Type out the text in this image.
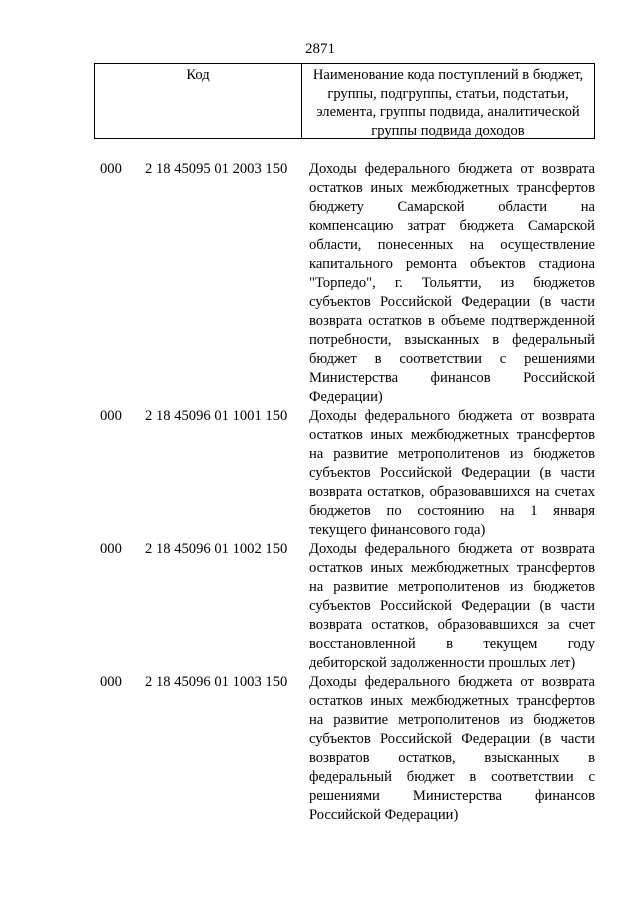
2871
Код	Наименование кода поступлений в бюджет,
группы, подгруппы, статьи, подстатьи,
элемента, группы подвида, аналитической
группы подвида доходов
000	2 18 45095 01 2003 150	Доходы федерального бюджета от возврата
остатков иных межбюджетных трансфертов
бюджету Самарской области на
компенсацию затрат бюджета Самарской
области, понесенных на осуществление
капитального ремонта объектов стадиона
"Торпедо", г. Тольятти, из бюджетов
субъектов Российской Федерации (в части
возврата остатков в объеме подтвержденной
потребности, взысканных в федеральный
бюджет в соответствии с решениями
Министерства финансов Российской
Федерации)
000	2 18 45096 01 1001 150	Доходы федерального бюджета от возврата
остатков иных межбюджетных трансфертов
на развитие метрополитенов из бюджетов
субъектов Российской Федерации (в части
возврата остатков, образовавшихся на счетах
бюджетов по состоянию на 1 января
текущего финансового года)
000	2 18 45096 01 1002 150	Доходы федерального бюджета от возврата
остатков иных межбюджетных трансфертов
на развитие метрополитенов из бюджетов
субъектов Российской Федерации (в части
возврата остатков, образовавшихся за счет
восстановленной в текущем году
дебиторской задолженности прошлых лет)
000	2 18 45096 01 1003 150	Доходы федерального бюджета от возврата
остатков иных межбюджетных трансфертов
на развитие метрополитенов из бюджетов
субъектов Российской Федерации (в части
возвратов остатков, взысканных в
федеральный бюджет в соответствии с
решениями Министерства финансов
Российской Федерации)
